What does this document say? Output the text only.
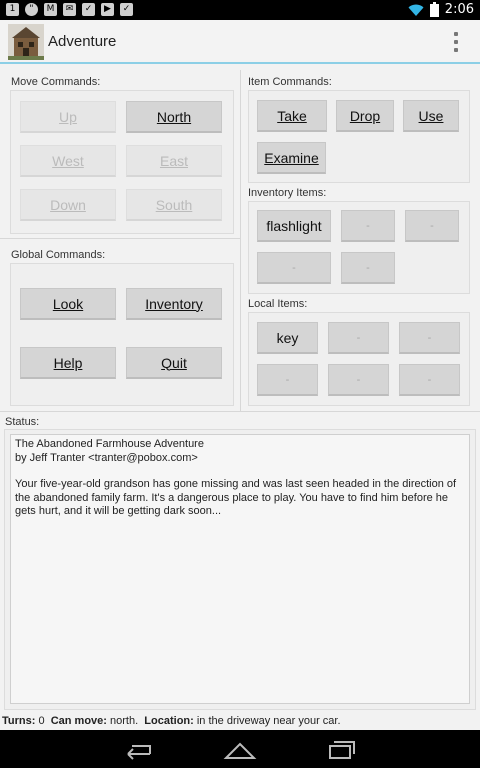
1	"	M	✉	✓	▶	✓	2:06
Adventure
Move Commands:
Up	North
West	East
Down	South
Global Commands:
Look	Inventory
Help	Quit
Item Commands:
Take	Drop	Use
Examine
Inventory Items:
flashlight	-	-
-	-
Local Items:
key	-	-
-	-	-
Status:

The Abandoned Farmhouse Adventure
by Jeff Tranter <tranter@pobox.com>

Your five-year-old grandson has gone missing and was last seen headed in the direction of the abandoned family farm. It's a dangerous place to play. You have to find him before he gets hurt, and it will be getting dark soon...

Turns: 0 Can move: north. Location: in the driveway near your car.
